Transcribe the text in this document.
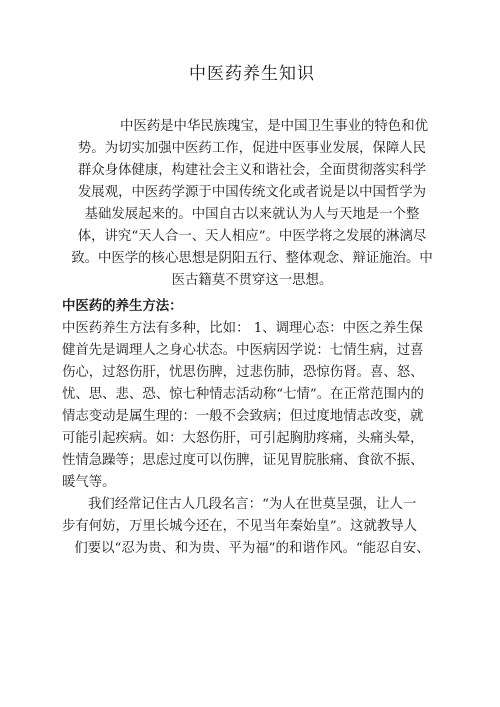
中医药养生知识

中医药是中华民族瑰宝，是中国卫生事业的特色和优

势。为切实加强中医药工作，促进中医事业发展，保障人民

群众身体健康，构建社会主义和谐社会，全面贯彻落实科学

发展观，中医药学源于中国传统文化或者说是以中国哲学为

基础发展起来的。中国自古以来就认为人与天地是一个整

体，讲究“天人合一、天人相应”。中医学将之发展的淋漓尽

致。中医学的核心思想是阴阳五行、整体观念、辩证施治。中

医古籍莫不贯穿这一思想。

中医药的养生方法：

中医药养生方法有多种，比如： 1、调理心态：中医之养生保

健首先是调理人之身心状态。中医病因学说：七情生病，过喜

伤心，过怒伤肝，忧思伤脾，过悲伤肺，恐惊伤肾。喜、怒、

忧、思、悲、恐、惊七种情志活动称“七情”。在正常范围内的

情志变动是属生理的：一般不会致病；但过度地情志改变，就

可能引起疾病。如：大怒伤肝，可引起胸肋疼痛，头痛头晕，

性情急躁等；思虑过度可以伤脾，证见胃脘胀痛、食欲不振、

暖气等。

我们经常记住古人几段名言：“为人在世莫呈强，让人一

步有何妨，万里长城今还在，不见当年秦始皇”。这就教导人

们要以“忍为贵、和为贵、平为福”的和谐作风。“能忍自安、
